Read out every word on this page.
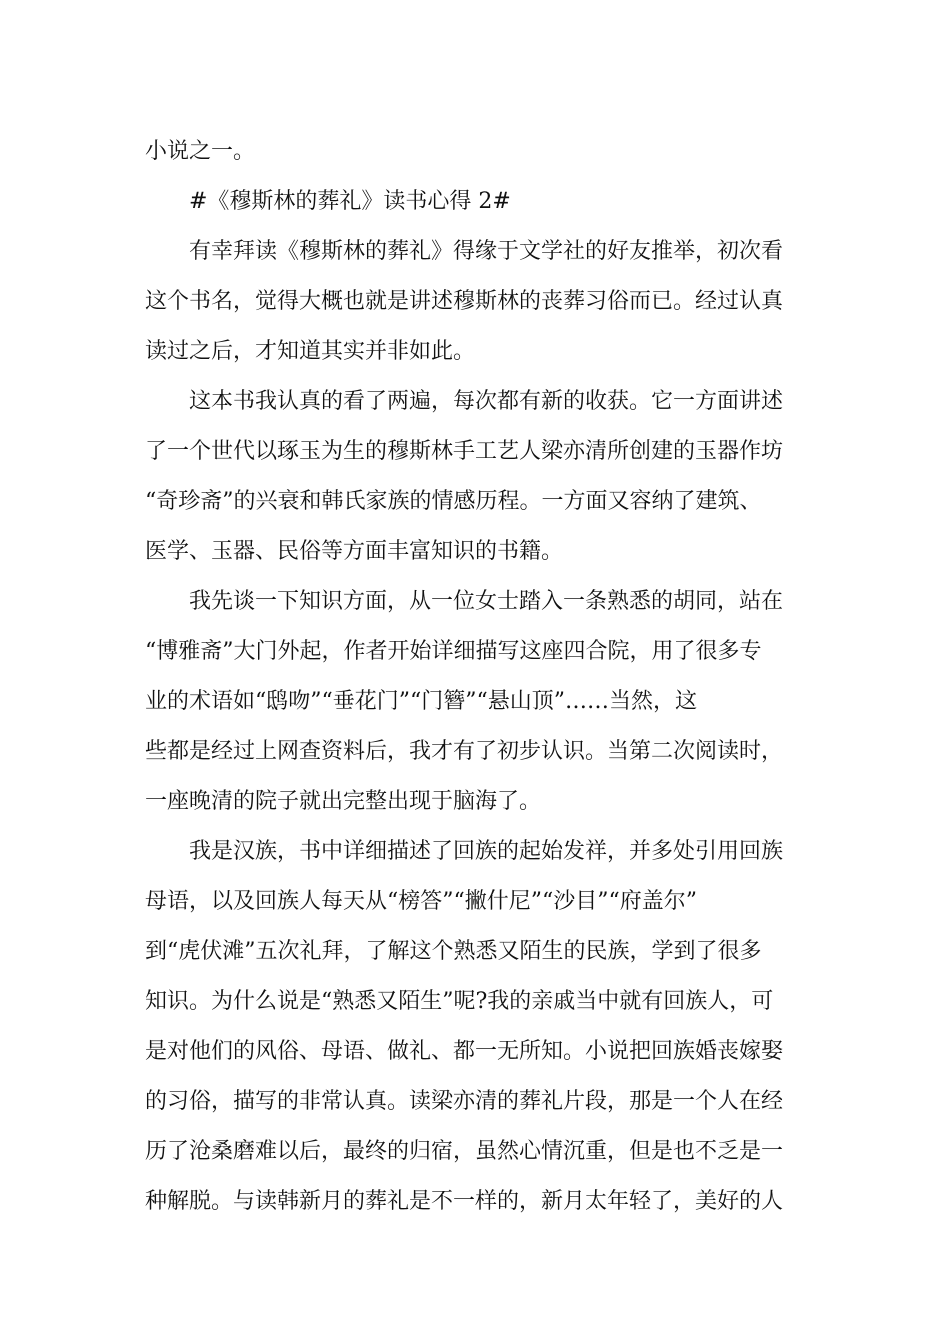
小说之一。

#《穆斯林的葬礼》读书心得 2#

有幸拜读《穆斯林的葬礼》得缘于文学社的好友推举，初次看

这个书名，觉得大概也就是讲述穆斯林的丧葬习俗而已。经过认真

读过之后，才知道其实并非如此。

这本书我认真的看了两遍，每次都有新的收获。它一方面讲述

了一个世代以琢玉为生的穆斯林手工艺人梁亦清所创建的玉器作坊

“奇珍斋”的兴衰和韩氏家族的情感历程。一方面又容纳了建筑、

医学、玉器、民俗等方面丰富知识的书籍。

我先谈一下知识方面，从一位女士踏入一条熟悉的胡同，站在

“博雅斋”大门外起，作者开始详细描写这座四合院，用了很多专

业的术语如“鸱吻”“垂花门”“门簪”“悬山顶”……当然，这

些都是经过上网查资料后，我才有了初步认识。当第二次阅读时，

一座晚清的院子就出完整出现于脑海了。

我是汉族，书中详细描述了回族的起始发祥，并多处引用回族

母语，以及回族人每天从“榜答”“撇什尼”“沙目”“府盖尔”

到“虎伏滩”五次礼拜，了解这个熟悉又陌生的民族，学到了很多

知识。为什么说是“熟悉又陌生”呢?我的亲戚当中就有回族人，可

是对他们的风俗、母语、做礼、都一无所知。小说把回族婚丧嫁娶

的习俗，描写的非常认真。读梁亦清的葬礼片段，那是一个人在经

历了沧桑磨难以后，最终的归宿，虽然心情沉重，但是也不乏是一

种解脱。与读韩新月的葬礼是不一样的，新月太年轻了，美好的人
